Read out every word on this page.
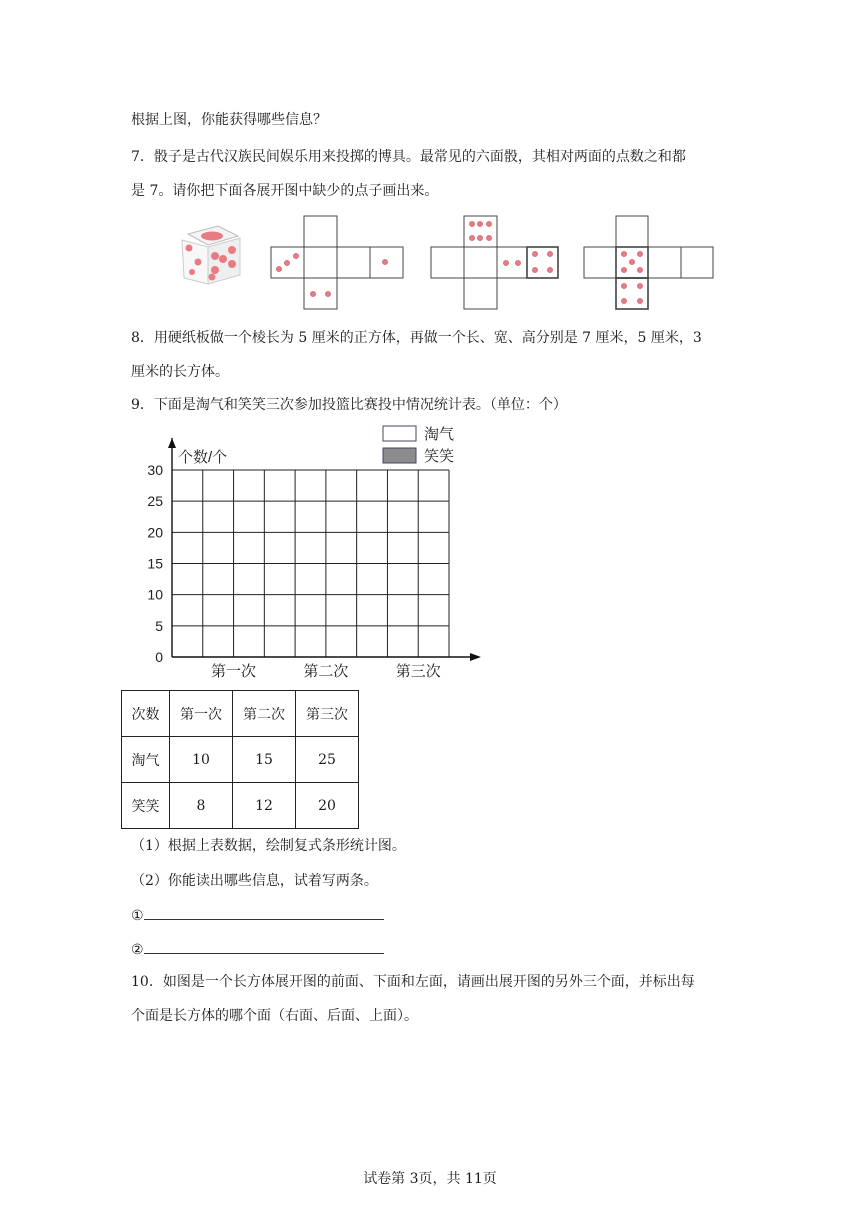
根据上图，你能获得哪些信息？
7．骰子是古代汉族民间娱乐用来投掷的博具。最常见的六面骰，其相对两面的点数之和都
是 7。请你把下面各展开图中缺少的点子画出来。
8．用硬纸板做一个棱长为 5 厘米的正方体，再做一个长、宽、高分别是 7 厘米，5 厘米，3
厘米的长方体。
9．下面是淘气和笑笑三次参加投篮比赛投中情况统计表。（单位：个）
0
5
10
15
20
25
30
第一次	第二次	第三次
淘气
笑笑
个数/个
次数	第一次	第二次	第三次
淘气	10	15	25
笑笑	8	12	20
（1）根据上表数据，绘制复式条形统计图。
（2）你能读出哪些信息，试着写两条。
①
②
10．如图是一个长方体展开图的前面、下面和左面，请画出展开图的另外三个面，并标出每
个面是长方体的哪个面（右面、后面、上面）。
试卷第 3页，共 11页
